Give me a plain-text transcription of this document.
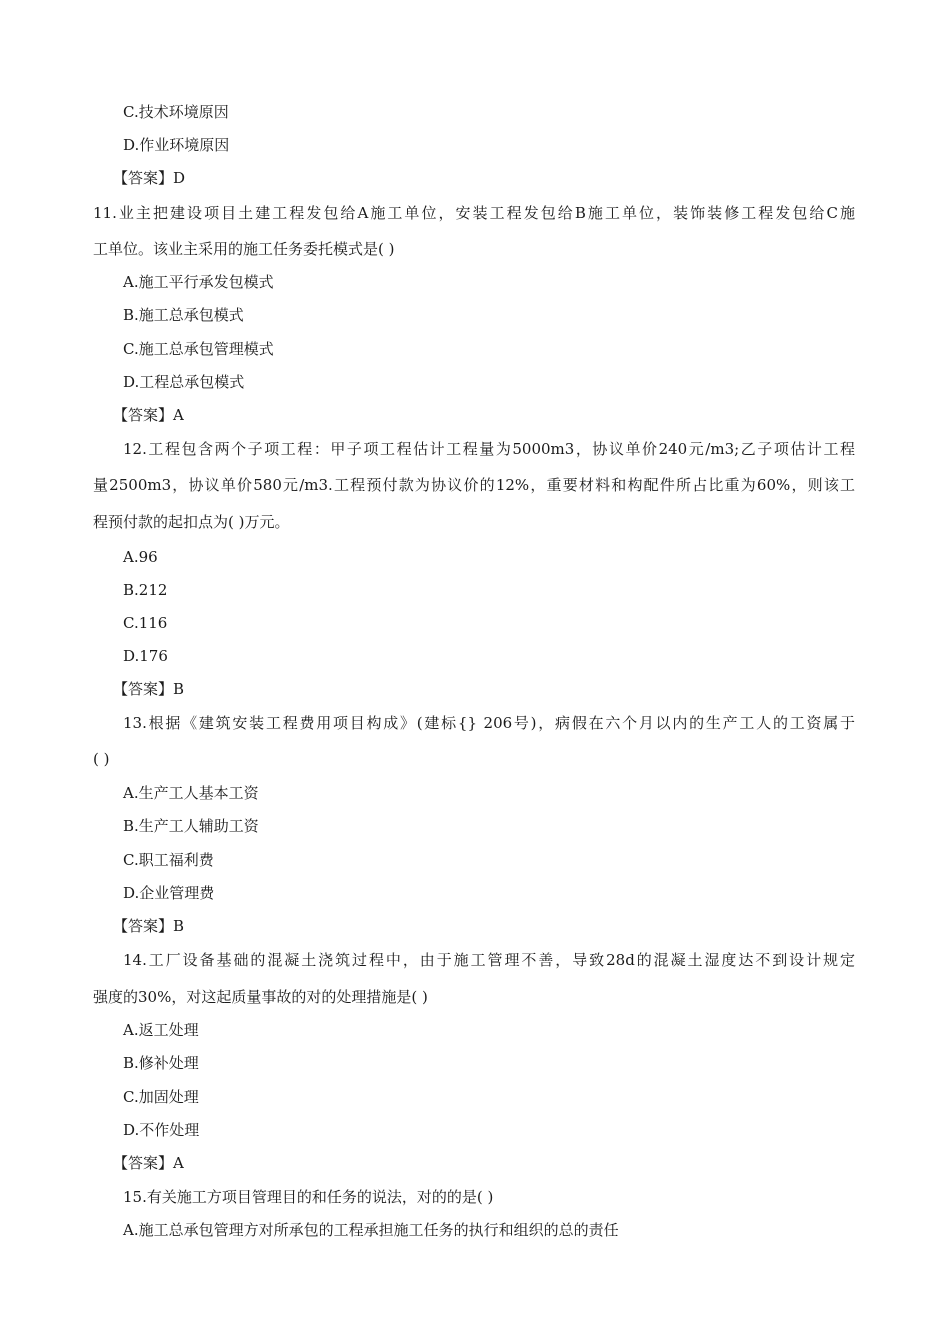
C.技术环境原因
D.作业环境原因
【答案】D
11.业主把建设项目土建工程发包给A施工单位，安装工程发包给B施工单位，装饰装修工程发包给C施
工单位。该业主采用的施工任务委托模式是( )
A.施工平行承发包模式
B.施工总承包模式
C.施工总承包管理模式
D.工程总承包模式
【答案】A
12.工程包含两个子项工程：甲子项工程估计工程量为5000m3，协议单价240元/m3;乙子项估计工程
量2500m3，协议单价580元/m3.工程预付款为协议价的12%，重要材料和构配件所占比重为60%，则该工
程预付款的起扣点为( )万元。
A.96
B.212
C.116
D.176
【答案】B
13.根据《建筑安装工程费用项目构成》(建标{} 206号)，病假在六个月以内的生产工人的工资属于
( )
A.生产工人基本工资
B.生产工人辅助工资
C.职工福利费
D.企业管理费
【答案】B
14.工厂设备基础的混凝土浇筑过程中，由于施工管理不善，导致28d的混凝土湿度达不到设计规定
强度的30%，对这起质量事故的对的处理措施是( )
A.返工处理
B.修补处理
C.加固处理
D.不作处理
【答案】A
15.有关施工方项目管理目的和任务的说法，对的的是( )
A.施工总承包管理方对所承包的工程承担施工任务的执行和组织的总的责任
